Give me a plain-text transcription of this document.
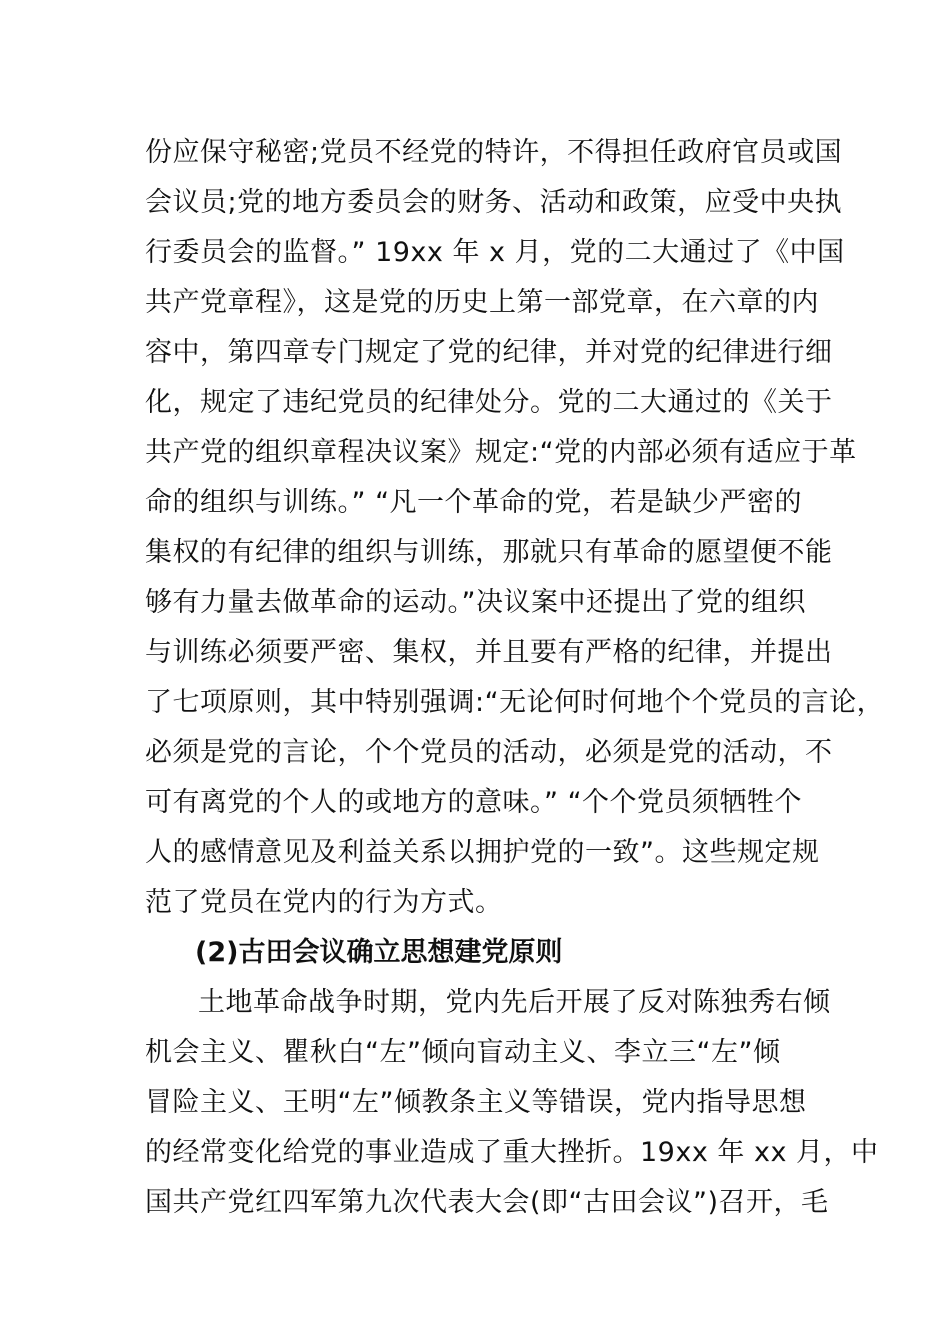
份应保守秘密;党员不经党的特许，不得担任政府官员或国
会议员;党的地方委员会的财务、活动和政策，应受中央执
行委员会的监督。” 19xx 年 x 月，党的二大通过了《中国
共产党章程》，这是党的历史上第一部党章，在六章的内
容中，第四章专门规定了党的纪律，并对党的纪律进行细
化，规定了违纪党员的纪律处分。党的二大通过的《关于
共产党的组织章程决议案》规定:“党的内部必须有适应于革
命的组织与训练。” “凡一个革命的党，若是缺少严密的
集权的有纪律的组织与训练，那就只有革命的愿望便不能
够有力量去做革命的运动。”决议案中还提出了党的组织
与训练必须要严密、集权，并且要有严格的纪律，并提出
了七项原则，其中特别强调:“无论何时何地个个党员的言论，
必须是党的言论，个个党员的活动，必须是党的活动，不
可有离党的个人的或地方的意味。” “个个党员须牺牲个
人的感情意见及利益关系以拥护党的一致”。这些规定规
范了党员在党内的行为方式。
(2)古田会议确立思想建党原则
土地革命战争时期，党内先后开展了反对陈独秀右倾
机会主义、瞿秋白“左”倾向盲动主义、李立三“左”倾
冒险主义、王明“左”倾教条主义等错误，党内指导思想
的经常变化给党的事业造成了重大挫折。19xx 年 xx 月，中
国共产党红四军第九次代表大会(即“古田会议”)召开，毛
